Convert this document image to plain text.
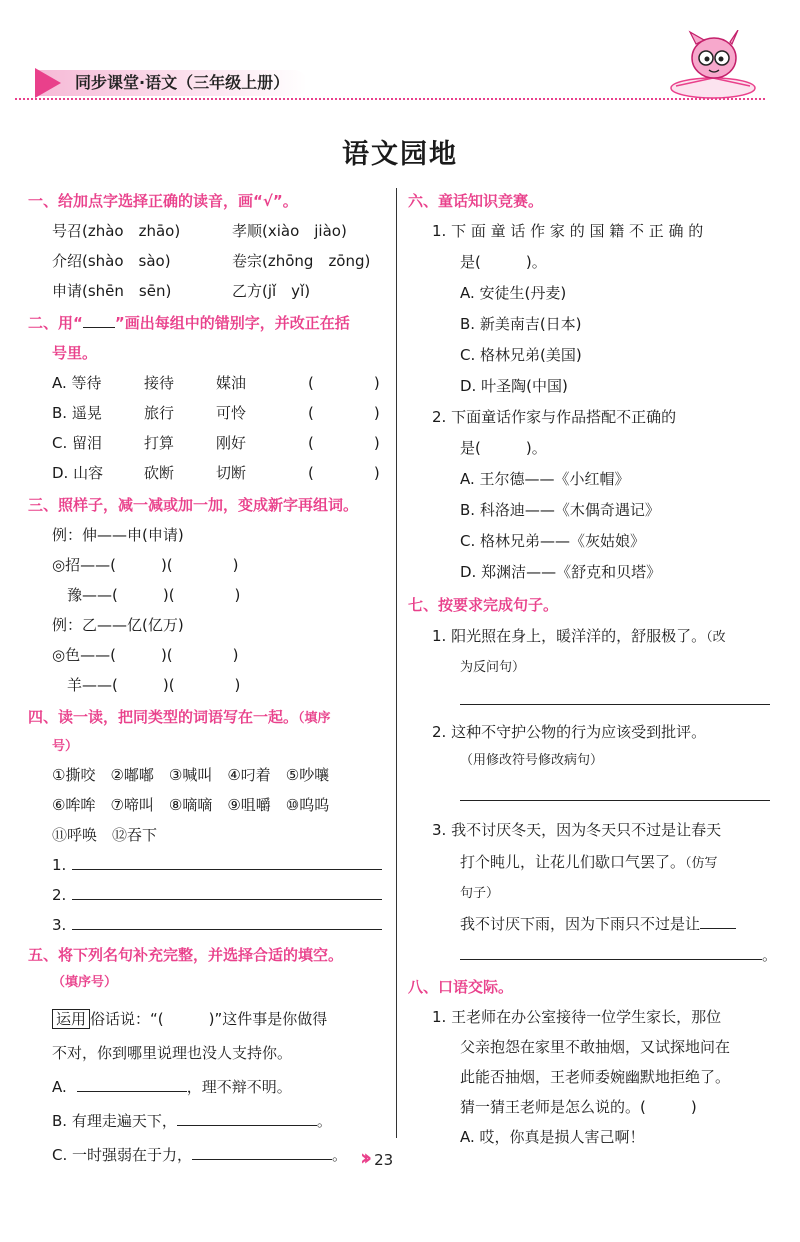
同步课堂·语文（三年级上册）
语文园地
一、给加点字选择正确的读音，画“√”。
号召(zhào　zhāo)	孝顺(xiào　jiào)
介绍(shào　sào)	卷宗(zhōng　zōng)
申请(shēn　sēn)	乙方(jǐ　yǐ)
二、用“ ”画出每组中的错别字，并改正在括
号里。
A. 等待	接待	媒油	(　　　　)
B. 遥晃	旅行	可怜	(　　　　)
C. 留泪	打算	刚好	(　　　　)
D. 山容	砍断	切断	(　　　　)
三、照样子，减一减或加一加，变成新字再组词。
例：伸——申(申请)
◎招——(　　　)(　　　　)
　豫——(　　　)(　　　　)
例：乙——亿(亿万)
◎色——(　　　)(　　　　)
　羊——(　　　)(　　　　)
四、读一读，把同类型的词语写在一起。（填序
号）
①撕咬　②嘟嘟　③喊叫　④叼着　⑤吵嚷
⑥哞哞　⑦啼叫　⑧嘀嘀　⑨咀嚼　⑩呜呜
⑪呼唤　⑫吞下
1.
2.
3.
五、将下列名句补充完整，并选择合适的填空。
（填序号）
运用 俗话说：“(　　　)”这件事是你做得
不对，你到哪里说理也没人支持你。
A.	，理不辩不明。
B. 有理走遍天下，	。
C. 一时强弱在于力，	。
六、童话知识竞赛。
1. 下 面 童 话 作 家 的 国 籍 不 正 确 的
是(　　　)。
A. 安徒生(丹麦)
B. 新美南吉(日本)
C. 格林兄弟(美国)
D. 叶圣陶(中国)
2. 下面童话作家与作品搭配不正确的
是(　　　)。
A. 王尔德——《小红帽》
B. 科洛迪——《木偶奇遇记》
C. 格林兄弟——《灰姑娘》
D. 郑渊洁——《舒克和贝塔》
七、按要求完成句子。
1. 阳光照在身上，暖洋洋的，舒服极了。（改
为反问句）
2. 这种不守护公物的行为应该受到批评。
（用修改符号修改病句）
3. 我不讨厌冬天，因为冬天只不过是让春天
打个盹儿，让花儿们歇口气罢了。（仿写
句子）
我不讨厌下雨，因为下雨只不过是让
。
八、口语交际。
1. 王老师在办公室接待一位学生家长，那位
父亲抱怨在家里不敢抽烟，又试探地问在
此能否抽烟，王老师委婉幽默地拒绝了。
猜一猜王老师是怎么说的。(　　　)
A. 哎，你真是损人害己啊！
›› 23
